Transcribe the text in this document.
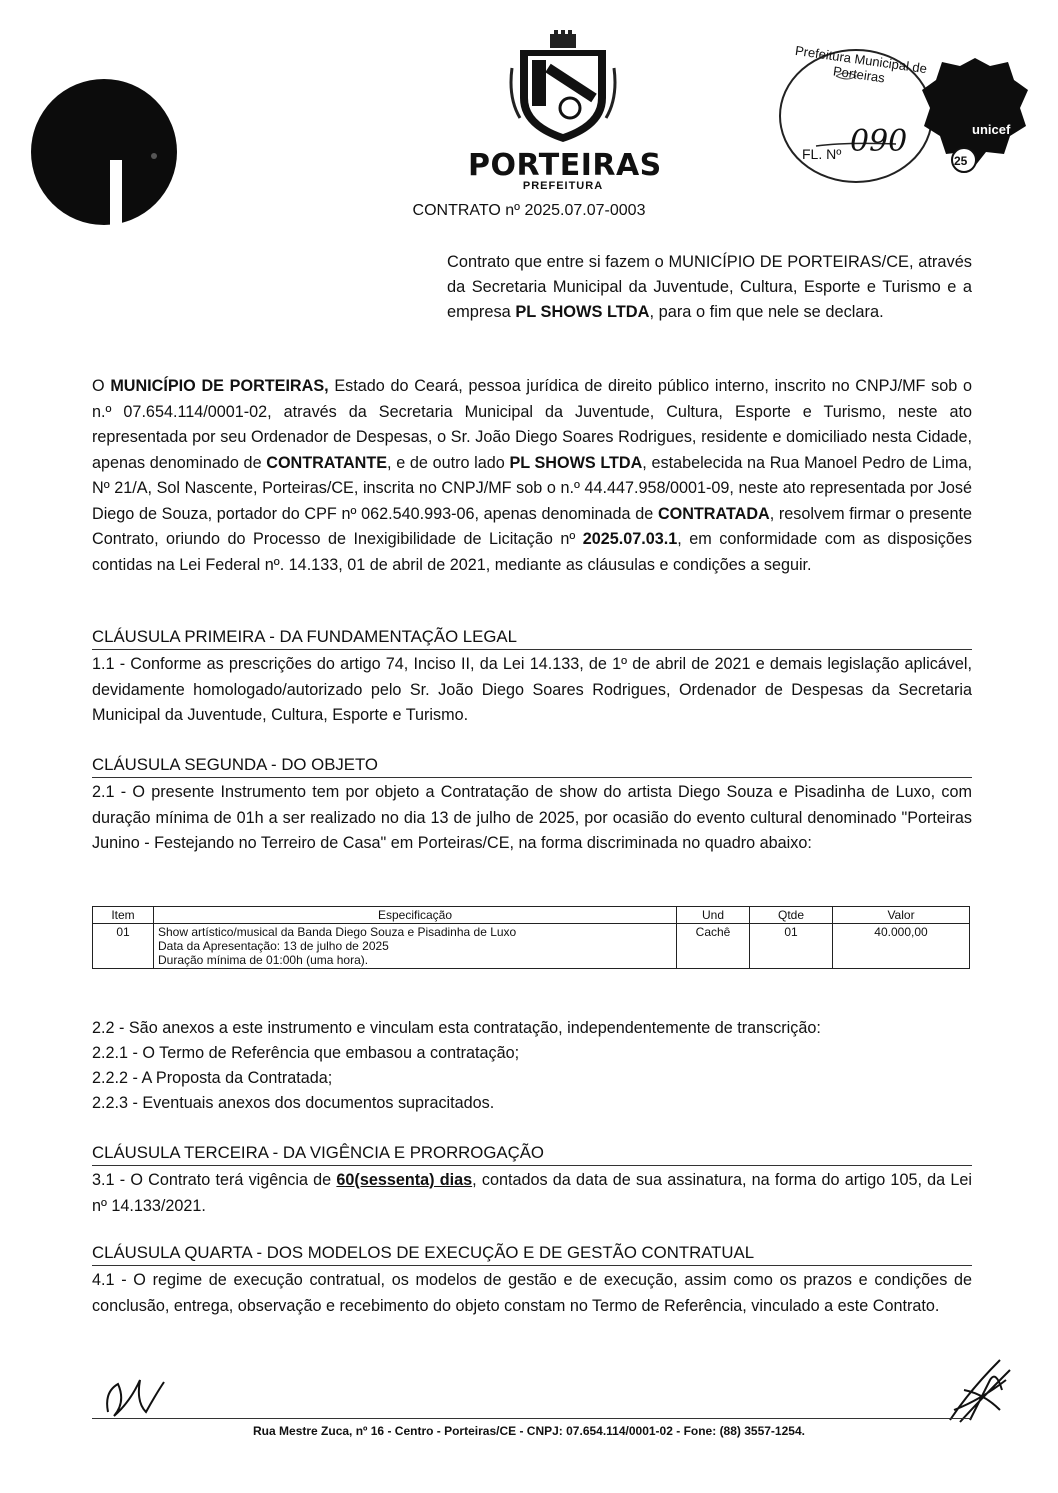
PORTEIRAS
PREFEITURA
Prefeitura Municipal de Porteiras
FL. Nº 090	unicef
25
CONTRATO nº 2025.07.07-0003
Contrato que entre si fazem o MUNICÍPIO DE PORTEIRAS/CE, através da Secretaria Municipal da Juventude, Cultura, Esporte e Turismo e a empresa PL SHOWS LTDA, para o fim que nele se declara.
O MUNICÍPIO DE PORTEIRAS, Estado do Ceará, pessoa jurídica de direito público interno, inscrito no CNPJ/MF sob o n.º 07.654.114/0001-02, através da Secretaria Municipal da Juventude, Cultura, Esporte e Turismo, neste ato representada por seu Ordenador de Despesas, o Sr. João Diego Soares Rodrigues, residente e domiciliado nesta Cidade, apenas denominado de CONTRATANTE, e de outro lado PL SHOWS LTDA, estabelecida na Rua Manoel Pedro de Lima, Nº 21/A, Sol Nascente, Porteiras/CE, inscrita no CNPJ/MF sob o n.º 44.447.958/0001-09, neste ato representada por José Diego de Souza, portador do CPF nº 062.540.993-06, apenas denominada de CONTRATADA, resolvem firmar o presente Contrato, oriundo do Processo de Inexigibilidade de Licitação nº 2025.07.03.1, em conformidade com as disposições contidas na Lei Federal nº. 14.133, 01 de abril de 2021, mediante as cláusulas e condições a seguir.
CLÁUSULA PRIMEIRA - DA FUNDAMENTAÇÃO LEGAL
1.1 - Conforme as prescrições do artigo 74, Inciso II, da Lei 14.133, de 1º de abril de 2021 e demais legislação aplicável, devidamente homologado/autorizado pelo Sr. João Diego Soares Rodrigues, Ordenador de Despesas da Secretaria Municipal da Juventude, Cultura, Esporte e Turismo.
CLÁUSULA SEGUNDA - DO OBJETO
2.1 - O presente Instrumento tem por objeto a Contratação de show do artista Diego Souza e Pisadinha de Luxo, com duração mínima de 01h a ser realizado no dia 13 de julho de 2025, por ocasião do evento cultural denominado "Porteiras Junino - Festejando no Terreiro de Casa" em Porteiras/CE, na forma discriminada no quadro abaixo:
Item	Especificação	Und	Qtde	Valor
01	Show artístico/musical da Banda Diego Souza e Pisadinha de Luxo
Data da Apresentação: 13 de julho de 2025
Duração mínima de 01:00h (uma hora).	Cachê	01	40.000,00
2.2 - São anexos a este instrumento e vinculam esta contratação, independentemente de transcrição:
2.2.1 - O Termo de Referência que embasou a contratação;
2.2.2 - A Proposta da Contratada;
2.2.3 - Eventuais anexos dos documentos supracitados.
CLÁUSULA TERCEIRA - DA VIGÊNCIA E PRORROGAÇÃO
3.1 - O Contrato terá vigência de 60(sessenta) dias, contados da data de sua assinatura, na forma do artigo 105, da Lei nº 14.133/2021.
CLÁUSULA QUARTA - DOS MODELOS DE EXECUÇÃO E DE GESTÃO CONTRATUAL
4.1 - O regime de execução contratual, os modelos de gestão e de execução, assim como os prazos e condições de conclusão, entrega, observação e recebimento do objeto constam no Termo de Referência, vinculado a este Contrato.
Rua Mestre Zuca, nº 16 - Centro - Porteiras/CE - CNPJ: 07.654.114/0001-02 - Fone: (88) 3557-1254.
